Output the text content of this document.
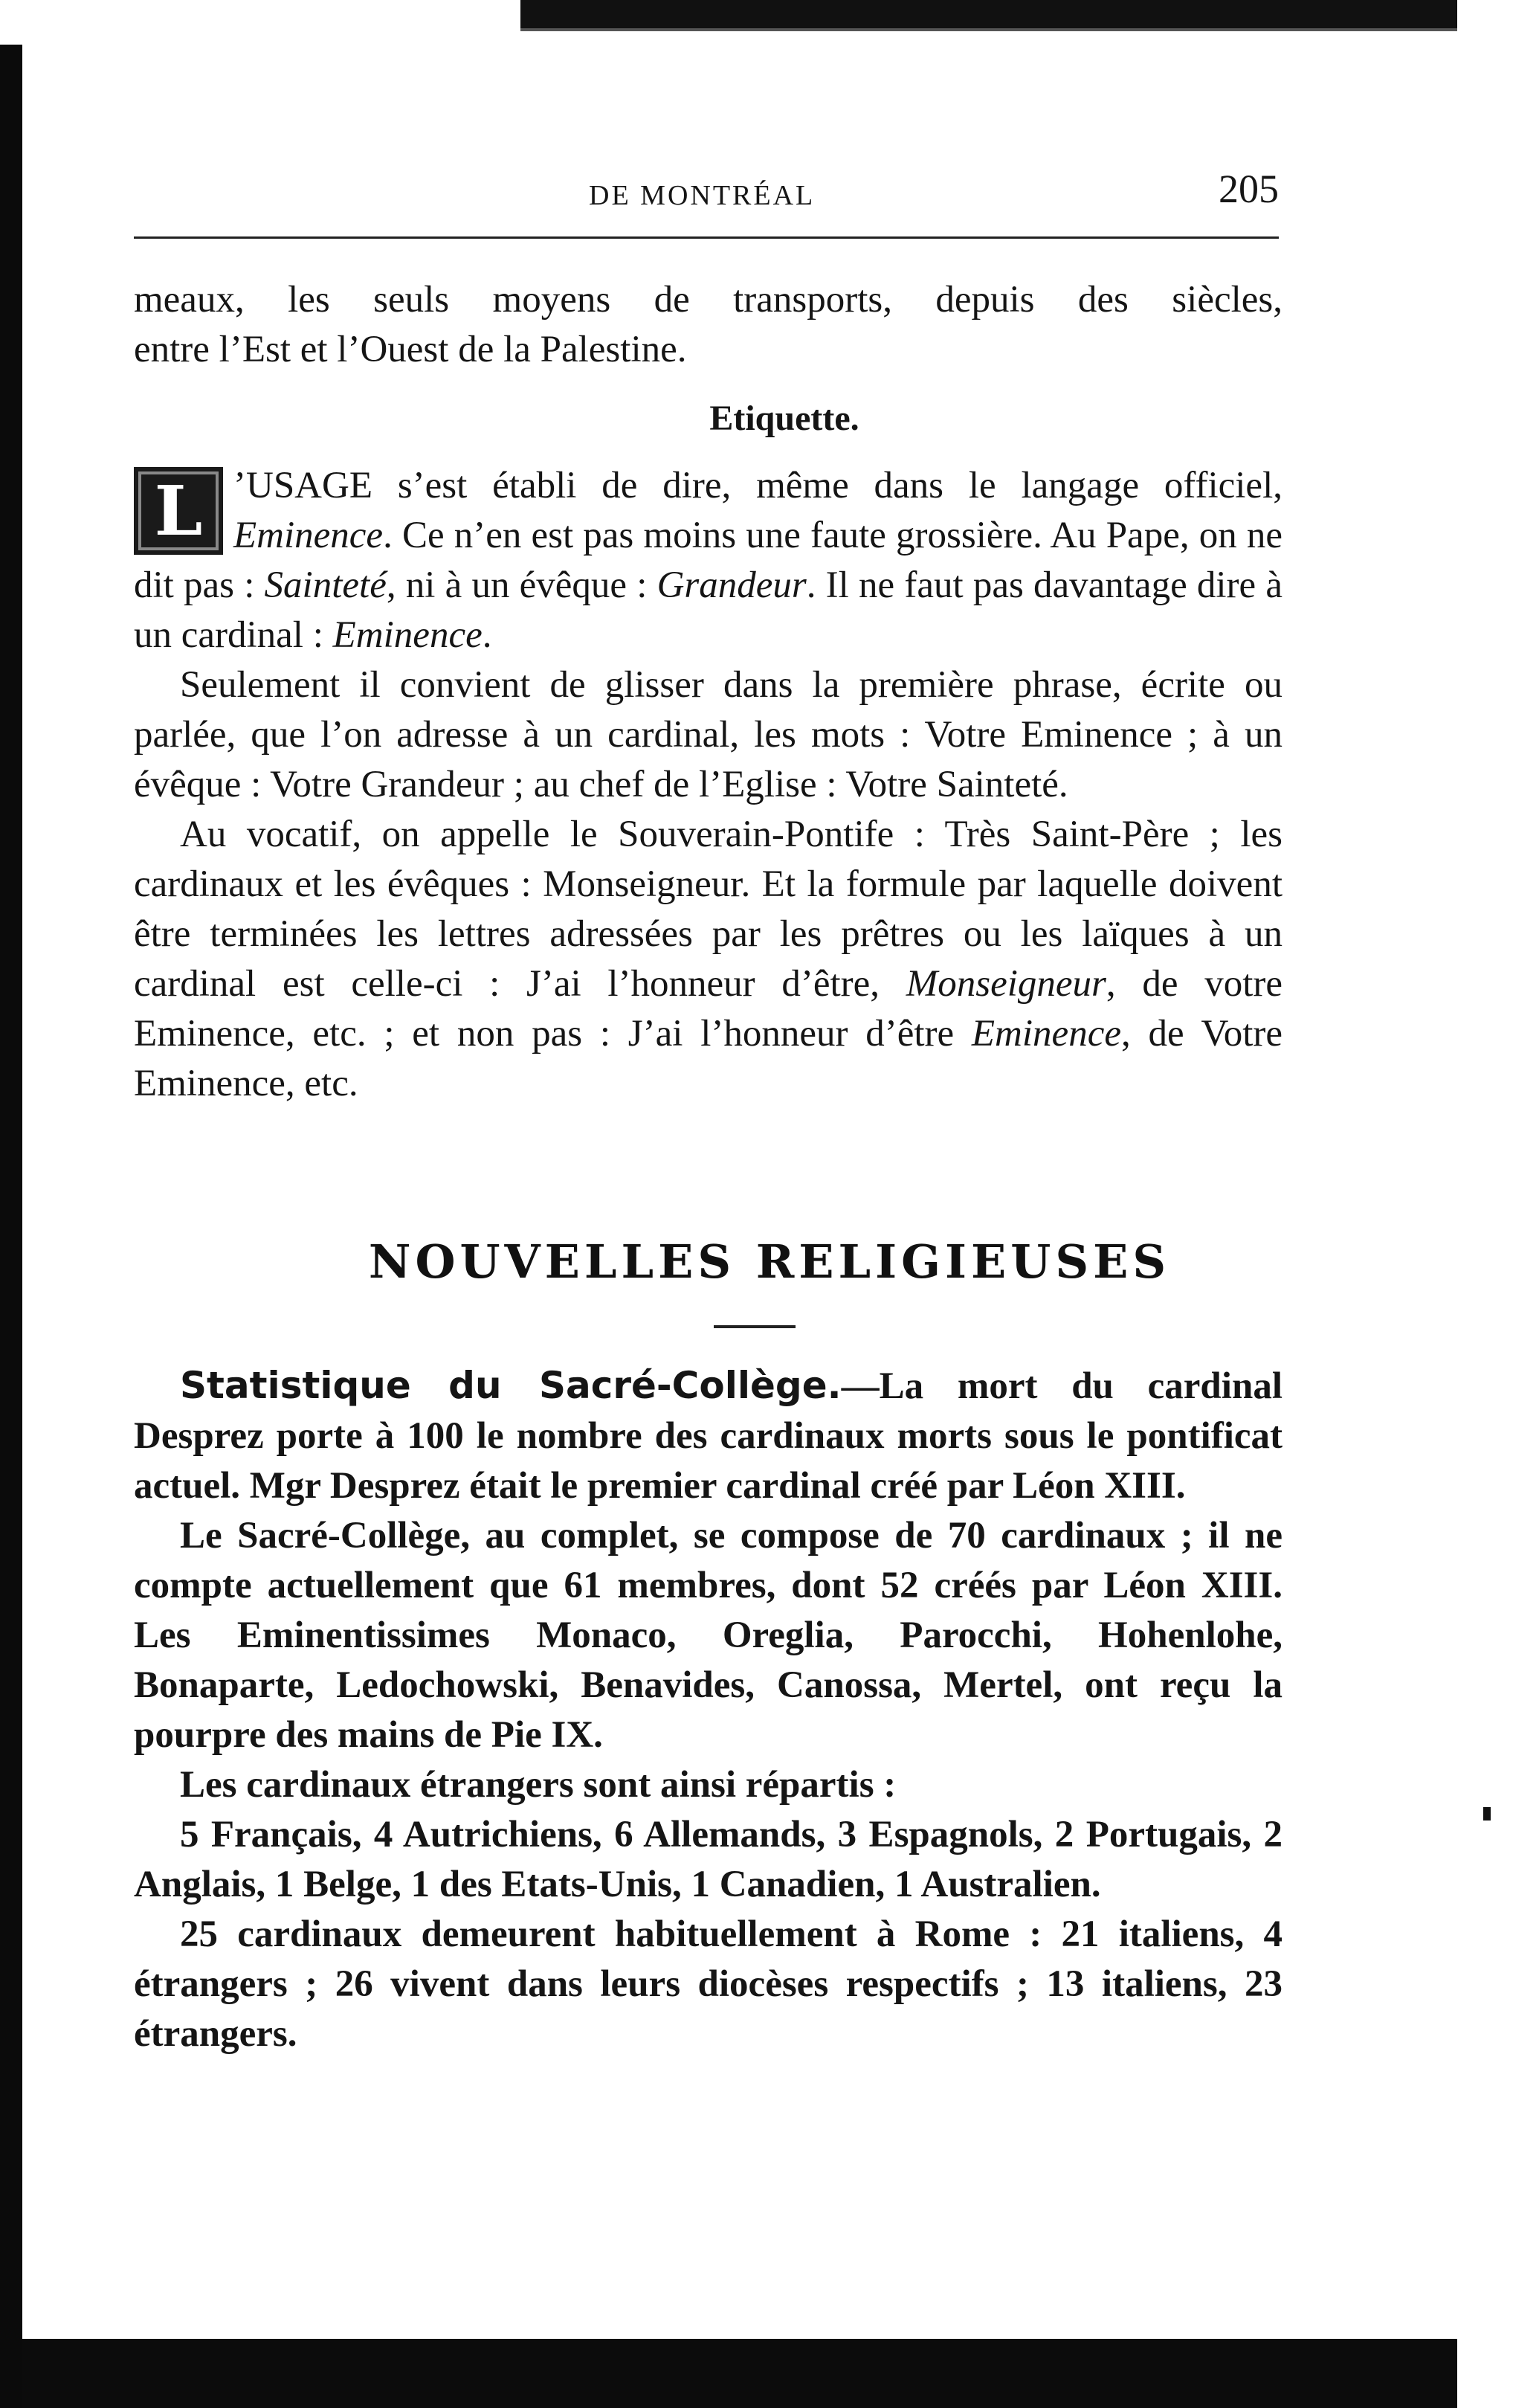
DE MONTRÉAL	205

meaux, les seuls moyens de transports, depuis des siècles,

entre l’Est et l’Ouest de la Palestine.

Etiquette.

L ’USAGE s’est établi de dire, même dans le langage officiel, Eminence. Ce n’en est pas moins une faute grossière. Au Pape, on ne dit pas : Sainteté, ni à un évêque : Grandeur. Il ne faut pas davantage dire à un cardinal : Eminence.

Seulement il convient de glisser dans la première phrase, écrite ou parlée, que l’on adresse à un cardinal, les mots : Votre Eminence ; à un évêque : Votre Grandeur ; au chef de l’Eglise : Votre Sainteté.

Au vocatif, on appelle le Souverain-Pontife : Très Saint-Père ; les cardinaux et les évêques : Monseigneur. Et la formule par laquelle doivent être terminées les lettres adressées par les prêtres ou les laïques à un cardinal est celle-ci : J’ai l’honneur d’être, Monseigneur, de votre Eminence, etc. ; et non pas : J’ai l’honneur d’être Eminence, de Votre Eminence, etc.

NOUVELLES RELIGIEUSES

Statistique du Sacré-Collège.—La mort du cardinal Desprez porte à 100 le nombre des cardinaux morts sous le pontificat actuel. Mgr Desprez était le premier cardinal créé par Léon XIII.

Le Sacré-Collège, au complet, se compose de 70 cardinaux ; il ne compte actuellement que 61 membres, dont 52 créés par Léon XIII. Les Eminentissimes Monaco, Oreglia, Parocchi, Hohenlohe, Bonaparte, Ledochowski, Benavides, Canossa, Mertel, ont reçu la pourpre des mains de Pie IX.

Les cardinaux étrangers sont ainsi répartis :

5 Français, 4 Autrichiens, 6 Allemands, 3 Espagnols, 2 Portugais, 2 Anglais, 1 Belge, 1 des Etats-Unis, 1 Canadien, 1 Australien.

25 cardinaux demeurent habituellement à Rome : 21 italiens, 4 étrangers ; 26 vivent dans leurs diocèses respectifs ; 13 italiens, 23 étrangers.
